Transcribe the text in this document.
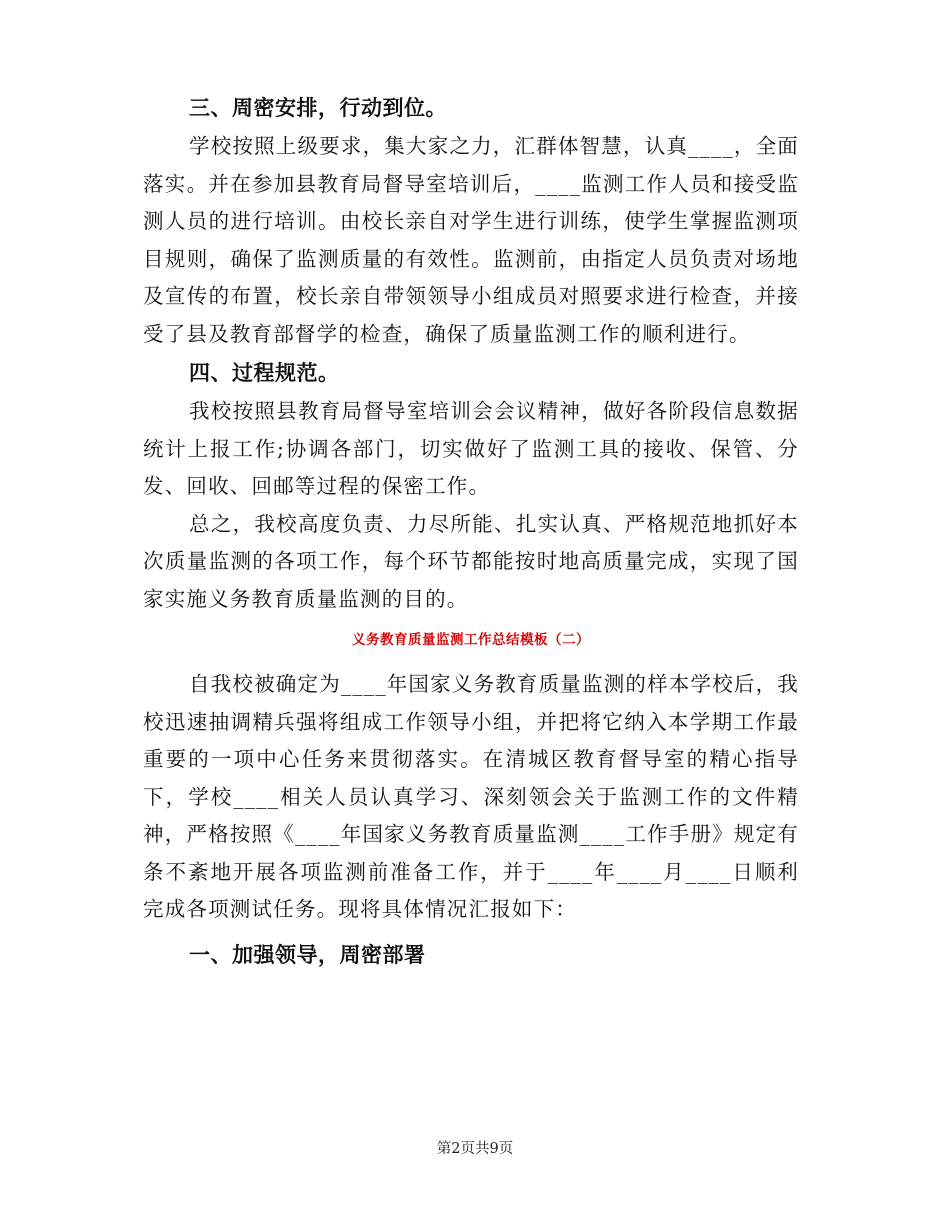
三、周密安排，行动到位。

学校按照上级要求，集大家之力，汇群体智慧，认真____，全面落实。并在参加县教育局督导室培训后，____监测工作人员和接受监测人员的进行培训。由校长亲自对学生进行训练，使学生掌握监测项目规则，确保了监测质量的有效性。监测前，由指定人员负责对场地及宣传的布置，校长亲自带领领导小组成员对照要求进行检查，并接受了县及教育部督学的检查，确保了质量监测工作的顺利进行。

四、过程规范。

我校按照县教育局督导室培训会会议精神，做好各阶段信息数据统计上报工作;协调各部门，切实做好了监测工具的接收、保管、分发、回收、回邮等过程的保密工作。

总之，我校高度负责、力尽所能、扎实认真、严格规范地抓好本次质量监测的各项工作，每个环节都能按时地高质量完成，实现了国家实施义务教育质量监测的目的。

义务教育质量监测工作总结模板（二）

自我校被确定为____年国家义务教育质量监测的样本学校后，我校迅速抽调精兵强将组成工作领导小组，并把将它纳入本学期工作最重要的一项中心任务来贯彻落实。在清城区教育督导室的精心指导下，学校____相关人员认真学习、深刻领会关于监测工作的文件精神，严格按照《____年国家义务教育质量监测____工作手册》规定有条不紊地开展各项监测前准备工作，并于____年____月____日顺利完成各项测试任务。现将具体情况汇报如下：

一、加强领导，周密部署

第2页共9页
